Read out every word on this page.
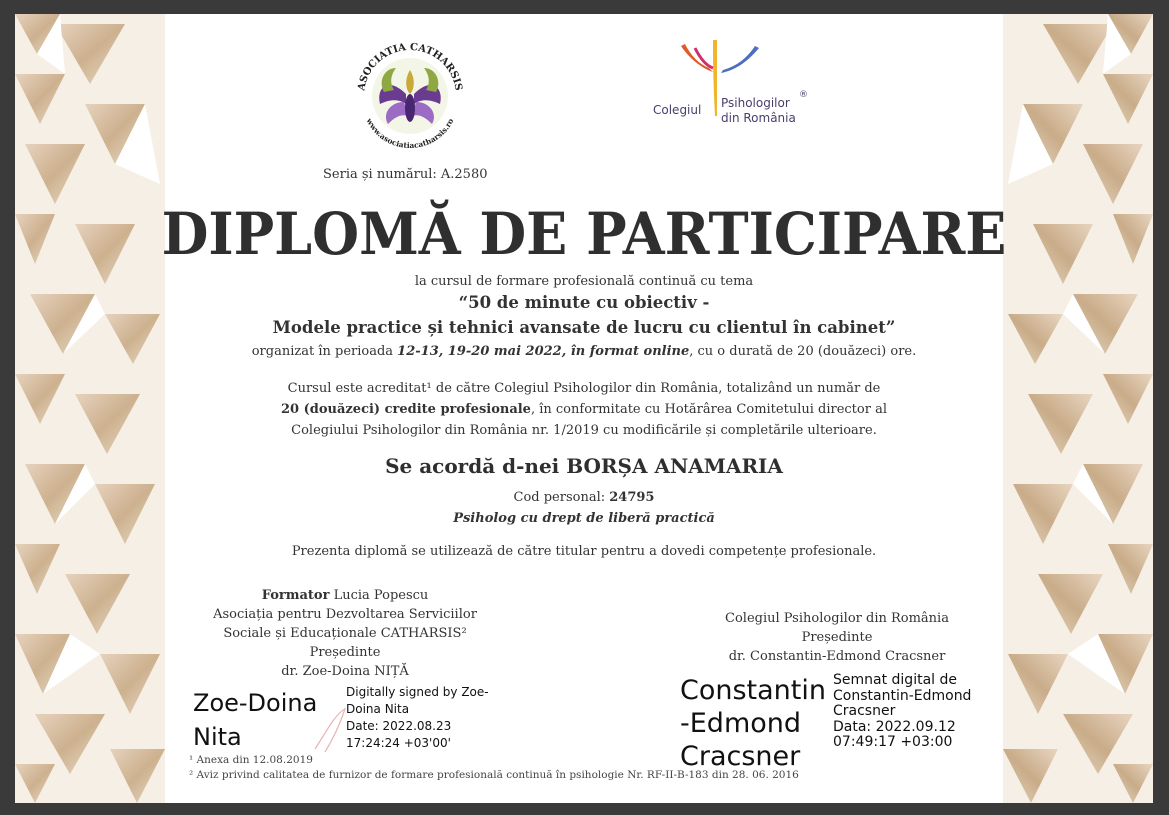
ASOCIATIA CATHARSIS
www.asociatiacatharsis.ro
Colegiul Psihologilor
®
din România
Seria și numărul: A.2580
DIPLOMĂ DE PARTICIPARE
la cursul de formare profesională continuă cu tema
“50 de minute cu obiectiv -
Modele practice și tehnici avansate de lucru cu clientul în cabinet”
organizat în perioada 12-13, 19-20 mai 2022, în format online, cu o durată de 20 (douăzeci) ore.
Cursul este acreditat¹ de către Colegiul Psihologilor din România, totalizând un număr de
20 (douăzeci) credite profesionale, în conformitate cu Hotărârea Comitetului director al
Colegiului Psihologilor din România nr. 1/2019 cu modificările și completările ulterioare.
Se acordă d-nei BORȘA ANAMARIA
Cod personal: 24795
Psiholog cu drept de liberă practică
Prezenta diplomă se utilizează de către titular pentru a dovedi competențe profesionale.
Formator Lucia Popescu
Asociația pentru Dezvoltarea Serviciilor
Sociale și Educaționale CATHARSIS²
Președinte
dr. Zoe-Doina NIȚĂ
Zoe-Doina
Nita
Digitally signed by Zoe-
Doina Nita
Date: 2022.08.23
17:24:24 +03'00'
Colegiul Psihologilor din România
Președinte
dr. Constantin-Edmond Cracsner
Constantin
-Edmond
Cracsner
Semnat digital de
Constantin-Edmond
Cracsner
Data: 2022.09.12
07:49:17 +03:00
¹ Anexa din 12.08.2019
² Aviz privind calitatea de furnizor de formare profesională continuă în psihologie Nr. RF-II-B-183 din 28. 06. 2016
